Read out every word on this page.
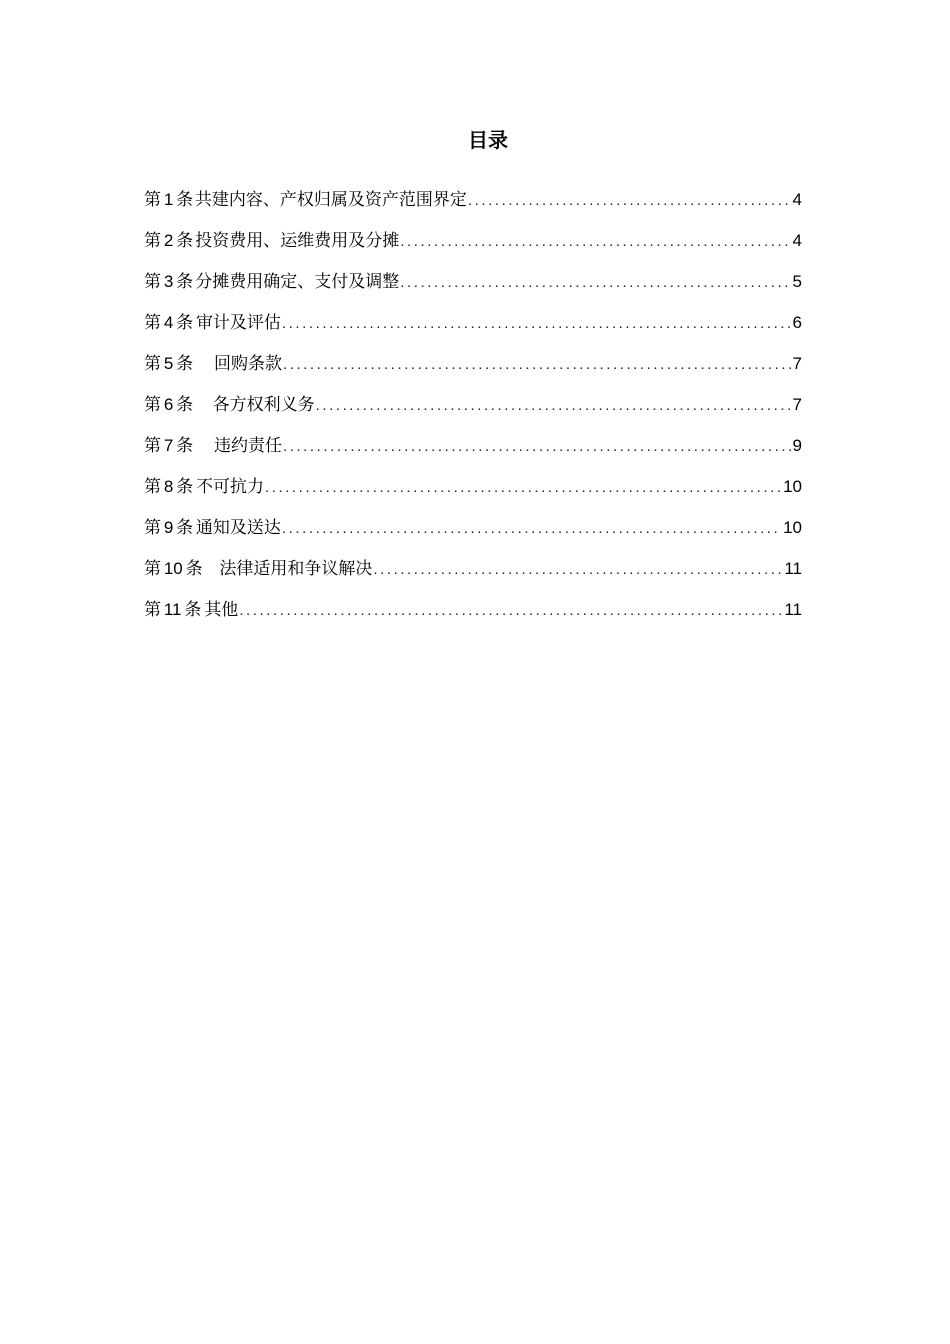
目录
第
  1  条 共建内容、产权归属及资产范围界定 . . .	4
第
  2  条 投资费用、运维费用及分摊 . . .	4
第
  3  条 分摊费用确定、支付及调整 . . .	5
第
  4  条 审计及评估 . . .	6
第
  5  条 回购条款 . . .	7
第
  6  条 各方权利义务 . . .	7
第
  7  条 违约责任 . . .	9
第
  8  条 不可抗力 . . .	10
第
  9  条 通知及送达 . . .	10
第
  10  条 法律适用和争议解决 . . .	11
第
  11  条 其他 . . .	11
